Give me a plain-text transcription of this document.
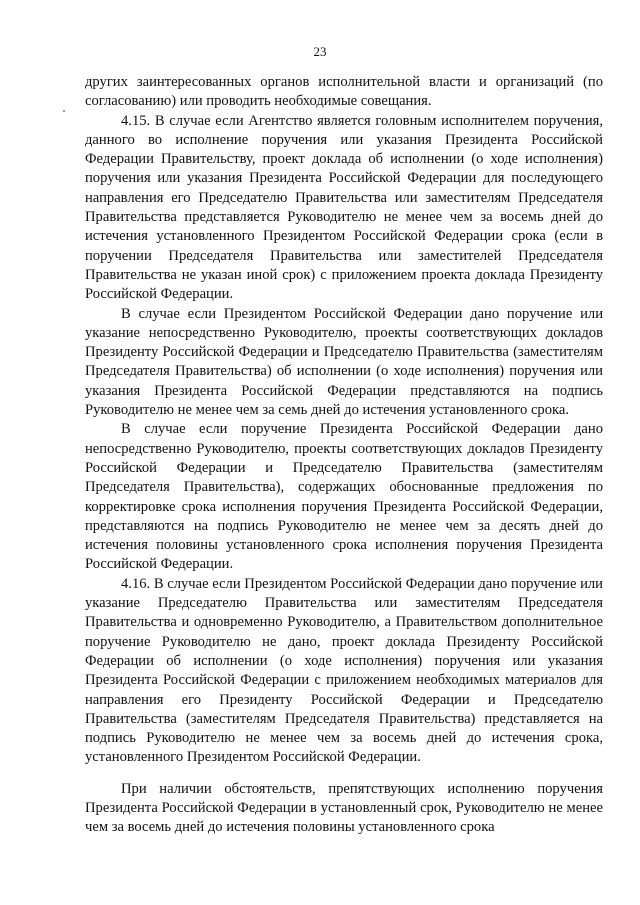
23

других заинтересованных органов исполнительной власти и организаций (по согласованию) или проводить необходимые совещания.

4.15. В случае если Агентство является головным исполнителем поручения, данного во исполнение поручения или указания Президента Российской Федерации Правительству, проект доклада об исполнении (о ходе исполнения) поручения или указания Президента Российской Федерации для последующего направления его Председателю Правительства или заместителям Председателя Правительства представляется Руководителю не менее чем за восемь дней до истечения установленного Президентом Российской Федерации срока (если в поручении Председателя Правительства или заместителей Председателя Правительства не указан иной срок) с приложением проекта доклада Президенту Российской Федерации.

В случае если Президентом Российской Федерации дано поручение или указание непосредственно Руководителю, проекты соответствующих докладов Президенту Российской Федерации и Председателю Правительства (заместителям Председателя Правительства) об исполнении (о ходе исполнения) поручения или указания Президента Российской Федерации представляются на подпись Руководителю не менее чем за семь дней до истечения установленного срока.

В случае если поручение Президента Российской Федерации дано непосредственно Руководителю, проекты соответствующих докладов Президенту Российской Федерации и Председателю Правительства (заместителям Председателя Правительства), содержащих обоснованные предложения по корректировке срока исполнения поручения Президента Российской Федерации, представляются на подпись Руководителю не менее чем за десять дней до истечения половины установленного срока исполнения поручения Президента Российской Федерации.

4.16. В случае если Президентом Российской Федерации дано поручение или указание Председателю Правительства или заместителям Председателя Правительства и одновременно Руководителю, а Правительством дополнительное поручение Руководителю не дано, проект доклада Президенту Российской Федерации об исполнении (о ходе исполнения) поручения или указания Президента Российской Федерации с приложением необходимых материалов для направления его Президенту Российской Федерации и Председателю Правительства (заместителям Председателя Правительства) представляется на подпись Руководителю не менее чем за восемь дней до истечения срока, установленного Президентом Российской Федерации.

При наличии обстоятельств, препятствующих исполнению поручения Президента Российской Федерации в установленный срок, Руководителю не менее чем за восемь дней до истечения половины установленного срока
